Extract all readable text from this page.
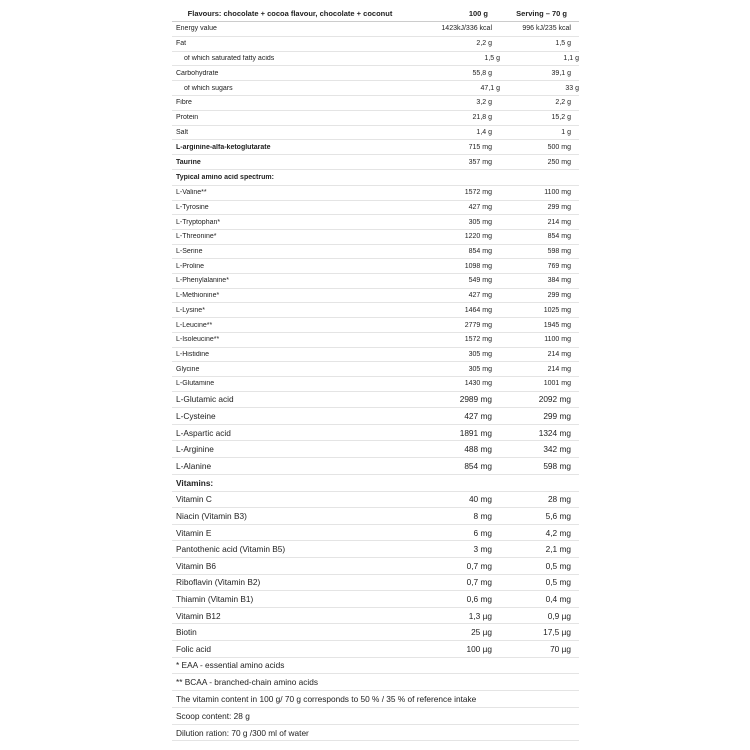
Flavours: chocolate + cocoa flavour, chocolate + coconut	100 g	Serving – 70 g
Energy value	1423kJ/336 kcal	996 kJ/235 kcal
Fat	2,2 g	1,5 g
of which saturated fatty acids	1,5 g	1,1 g
Carbohydrate	55,8 g	39,1 g
of which sugars	47,1 g	33 g
Fibre	3,2 g	2,2 g
Protein	21,8 g	15,2 g
Salt	1,4 g	1 g
L-arginine-alfa-ketoglutarate	715 mg	500 mg
Taurine	357 mg	250 mg
Typical amino acid spectrum:
L-Valine**	1572 mg	1100 mg
L-Tyrosine	427 mg	299 mg
L-Tryptophan*	305 mg	214 mg
L-Threonine*	1220 mg	854 mg
L-Serine	854 mg	598 mg
L-Proline	1098 mg	769 mg
L-Phenylalanine*	549 mg	384 mg
L-Methionine*	427 mg	299 mg
L-Lysine*	1464 mg	1025 mg
L-Leucine**	2779 mg	1945 mg
L-Isoleucine**	1572 mg	1100 mg
L-Histidine	305 mg	214 mg
Glycine	305 mg	214 mg
L-Glutamine	1430 mg	1001 mg
L-Glutamic acid	2989 mg	2092 mg
L-Cysteine	427 mg	299 mg
L-Aspartic acid	1891 mg	1324 mg
L-Arginine	488 mg	342 mg
L-Alanine	854 mg	598 mg
Vitamins:
Vitamin C	40 mg	28 mg
Niacin (Vitamin B3)	8 mg	5,6 mg
Vitamin E	6 mg	4,2 mg
Pantothenic acid (Vitamin B5)	3 mg	2,1 mg
Vitamin B6	0,7 mg	0,5 mg
Riboflavin (Vitamin B2)	0,7 mg	0,5 mg
Thiamin (Vitamin B1)	0,6 mg	0,4 mg
Vitamin B12	1,3 µg	0,9 µg
Biotin	25 µg	17,5 µg
Folic acid	100 µg	70 µg
* EAA - essential amino acids
** BCAA - branched-chain amino acids
The vitamin content in 100 g/ 70 g corresponds to 50 % / 35 % of reference intake
Scoop content: 28 g
Dilution ration: 70 g /300 ml of water
